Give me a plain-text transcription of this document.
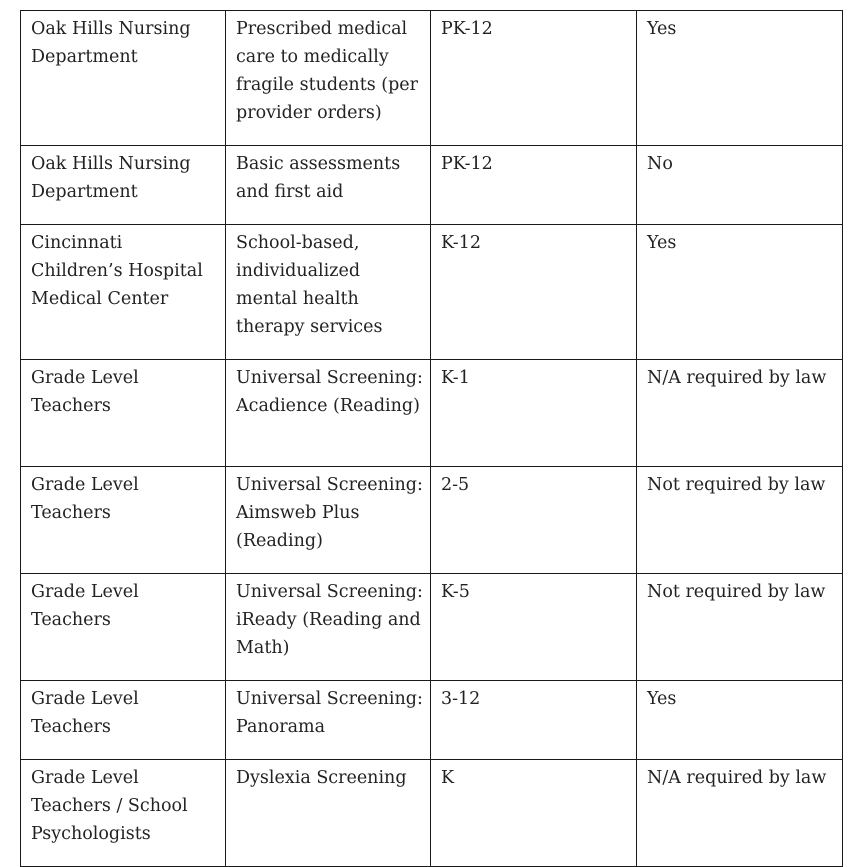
Oak Hills Nursing Department	Prescribed medical care to medically fragile students (per provider orders)	PK-12	Yes
Oak Hills Nursing Department	Basic assessments and first aid	PK-12	No
Cincinnati Children’s Hospital Medical Center	School-based, individualized mental health therapy services	K-12	Yes
Grade Level Teachers	Universal Screening: Acadience (Reading)	K-1	N/A required by law
Grade Level Teachers	Universal Screening: Aimsweb Plus (Reading)	2-5	Not required by law
Grade Level Teachers	Universal Screening: iReady (Reading and Math)	K-5	Not required by law
Grade Level Teachers	Universal Screening: Panorama	3-12	Yes
Grade Level Teachers / School Psychologists	Dyslexia Screening	K	N/A required by law
